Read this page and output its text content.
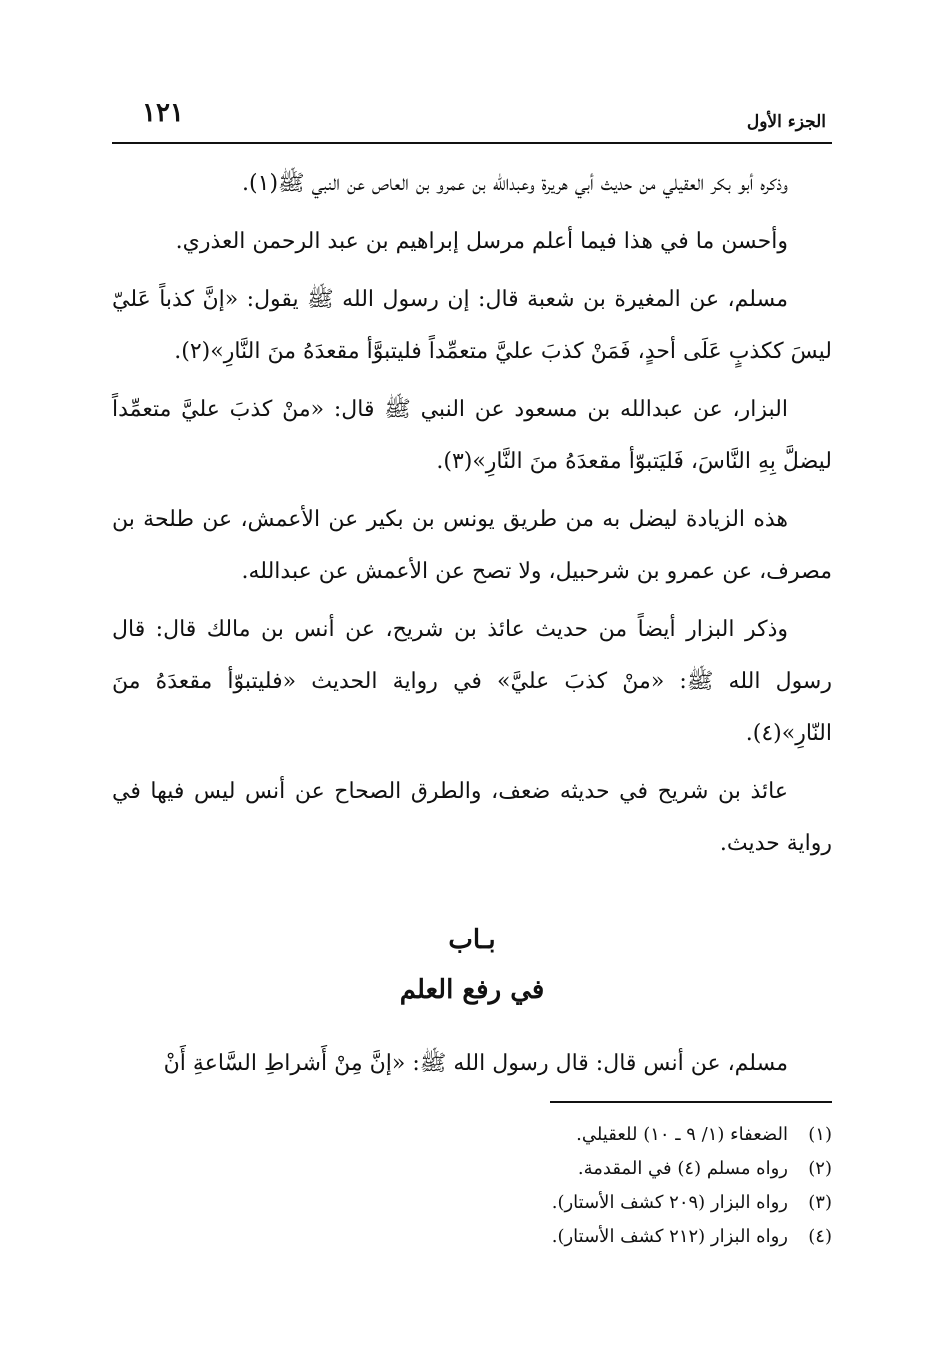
الجزء الأول
١٢١

وذكره أبو بكر العقيلي من حديث أبي هريرة وعبدالله بن عمرو بن العاص عن النبي ﷺ(١).

وأحسن ما في هذا فيما أعلم مرسل إبراهيم بن عبد الرحمن العذري.

مسلم، عن المغيرة بن شعبة قال: إن رسول الله ﷺ يقول: «إنَّ كذباً عَليّ ليسَ ككذبٍ عَلَى أحدٍ، فَمَنْ كذبَ عليَّ متعمِّداً فليتبوَّأ مقعدَهُ منَ النَّارِ»(٢).

البزار، عن عبدالله بن مسعود عن النبي ﷺ قال: «منْ كذبَ عليَّ متعمِّداً ليضلَّ بِهِ النَّاسَ، فَليَتبوّأ مقعدَهُ منَ النَّارِ»(٣).

هذه الزيادة ليضل به من طريق يونس بن بكير عن الأعمش، عن طلحة بن مصرف، عن عمرو بن شرحبيل، ولا تصح عن الأعمش عن عبدالله.

وذكر البزار أيضاً من حديث عائذ بن شريح، عن أنس بن مالك قال: قال رسول الله ﷺ: «منْ كذبَ عليَّ» في رواية الحديث «فليتبوّأ مقعدَهُ منَ النّارِ»(٤).

عائذ بن شريح في حديثه ضعف، والطرق الصحاح عن أنس ليس فيها في رواية حديث.

بـاب
في رفع العلم

مسلم، عن أنس قال: قال رسول الله ﷺ: «إنَّ مِنْ أَشراطِ السَّاعةِ أَنْ

(١)الضعفاء (١/ ٩ ـ ١٠) للعقيلي.
(٢)رواه مسلم (٤) في المقدمة.
(٣)رواه البزار (٢٠٩ كشف الأستار).
(٤)رواه البزار (٢١٢ كشف الأستار).
